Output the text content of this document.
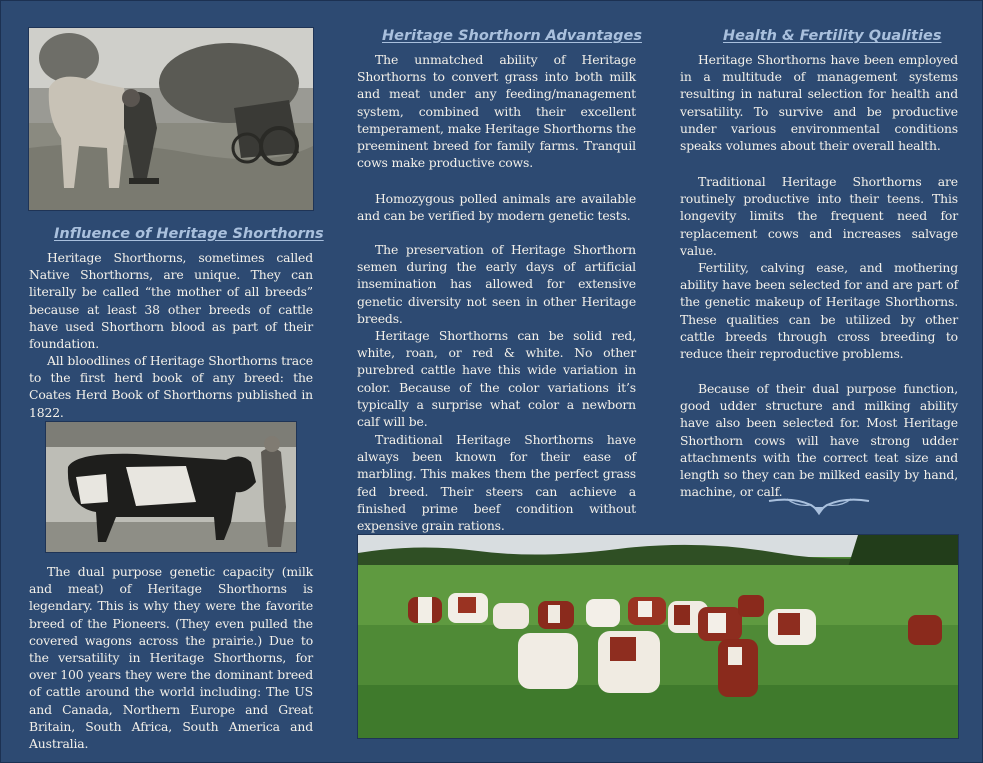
Influence of Heritage Shorthorns

Heritage Shorthorns, sometimes called Native Shorthorns, are unique. They can literally be called “the mother of all breeds” because at least 38 other breeds of cattle have used Shorthorn blood as part of their foundation.

All bloodlines of Heritage Shorthorns trace to the first herd book of any breed: the Coates Herd Book of Shorthorns published in 1822.

The dual purpose genetic capacity (milk and meat) of Heritage Shorthorns is legendary. This is why they were the favorite breed of the Pioneers. (They even pulled the covered wagons across the prairie.) Due to the versatility in Heritage Shorthorns, for over 100 years they were the dominant breed of cattle around the world including: The US and Canada, Northern Europe and Great Britain, South Africa, South America and Australia.

Heritage Shorthorn Advantages

The unmatched ability of Heritage Shorthorns to convert grass into both milk and meat under any feeding/management system, combined with their excellent temperament, make Heritage Shorthorns the preeminent breed for family farms. Tranquil cows make productive cows.

Homozygous polled animals are available and can be verified by modern genetic tests.

The preservation of Heritage Shorthorn semen during the early days of artificial insemination has allowed for extensive genetic diversity not seen in other Heritage breeds.

Heritage Shorthorns can be solid red, white, roan, or red & white. No other purebred cattle have this wide variation in color. Because of the color variations it’s typically a surprise what color a newborn calf will be.

Traditional Heritage Shorthorns have always been known for their ease of marbling. This makes them the perfect grass fed breed. Their steers can achieve a finished prime beef condition without expensive grain rations.

Health & Fertility Qualities

Heritage Shorthorns have been employed in a multitude of management systems resulting in natural selection for health and versatility. To survive and be productive under various environmental conditions speaks volumes about their overall health.

Traditional Heritage Shorthorns are routinely productive into their teens. This longevity limits the frequent need for replacement cows and increases salvage value.

Fertility, calving ease, and mothering ability have been selected for and are part of the genetic makeup of Heritage Shorthorns. These qualities can be utilized by other cattle breeds through cross breeding to reduce their reproductive problems.

Because of their dual purpose function, good udder structure and milking ability have also been selected for. Most Heritage Shorthorn cows will have strong udder attachments with the correct teat size and length so they can be milked easily by hand, machine, or calf.
